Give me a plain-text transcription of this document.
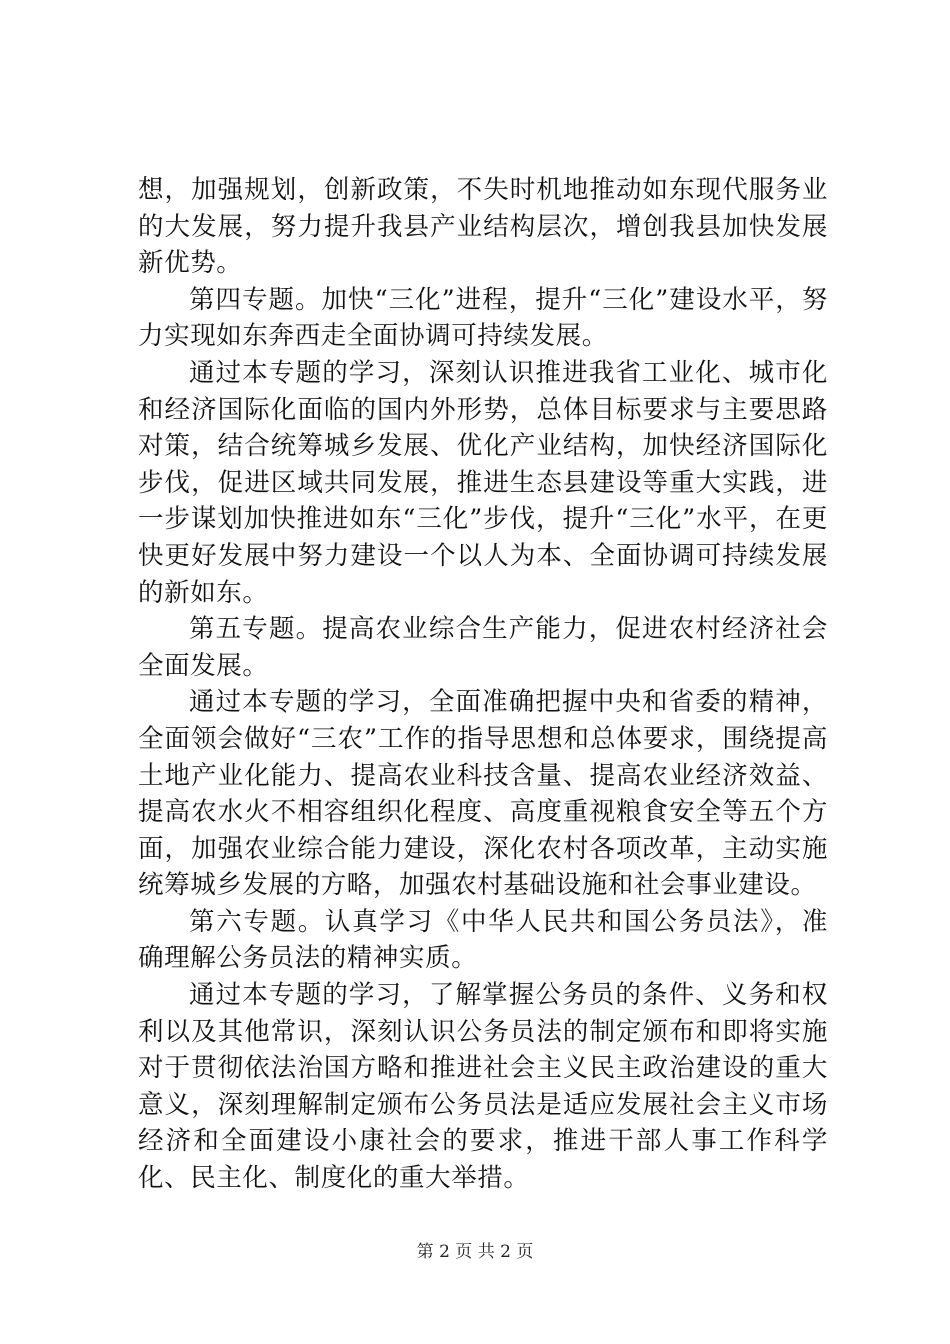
想，加强规划，创新政策，不失时机地推动如东现代服务业的大发展，努力提升我县产业结构层次，增创我县加快发展新优势。

第四专题。加快“三化”进程，提升“三化”建设水平，努力实现如东奔西走全面协调可持续发展。

通过本专题的学习，深刻认识推进我省工业化、城市化和经济国际化面临的国内外形势，总体目标要求与主要思路对策，结合统筹城乡发展、优化产业结构，加快经济国际化步伐，促进区域共同发展，推进生态县建设等重大实践，进一步谋划加快推进如东“三化”步伐，提升“三化”水平，在更快更好发展中努力建设一个以人为本、全面协调可持续发展的新如东。

第五专题。提高农业综合生产能力，促进农村经济社会全面发展。

通过本专题的学习，全面准确把握中央和省委的精神，全面领会做好“三农”工作的指导思想和总体要求，围绕提高土地产业化能力、提高农业科技含量、提高农业经济效益、提高农水火不相容组织化程度、高度重视粮食安全等五个方面，加强农业综合能力建设，深化农村各项改革，主动实施统筹城乡发展的方略，加强农村基础设施和社会事业建设。

第六专题。认真学习《中华人民共和国公务员法》，准确理解公务员法的精神实质。

通过本专题的学习，了解掌握公务员的条件、义务和权利以及其他常识，深刻认识公务员法的制定颁布和即将实施对于贯彻依法治国方略和推进社会主义民主政治建设的重大意义，深刻理解制定颁布公务员法是适应发展社会主义市场经济和全面建设小康社会的要求，推进干部人事工作科学化、民主化、制度化的重大举措。

第 2 页 共 2 页
